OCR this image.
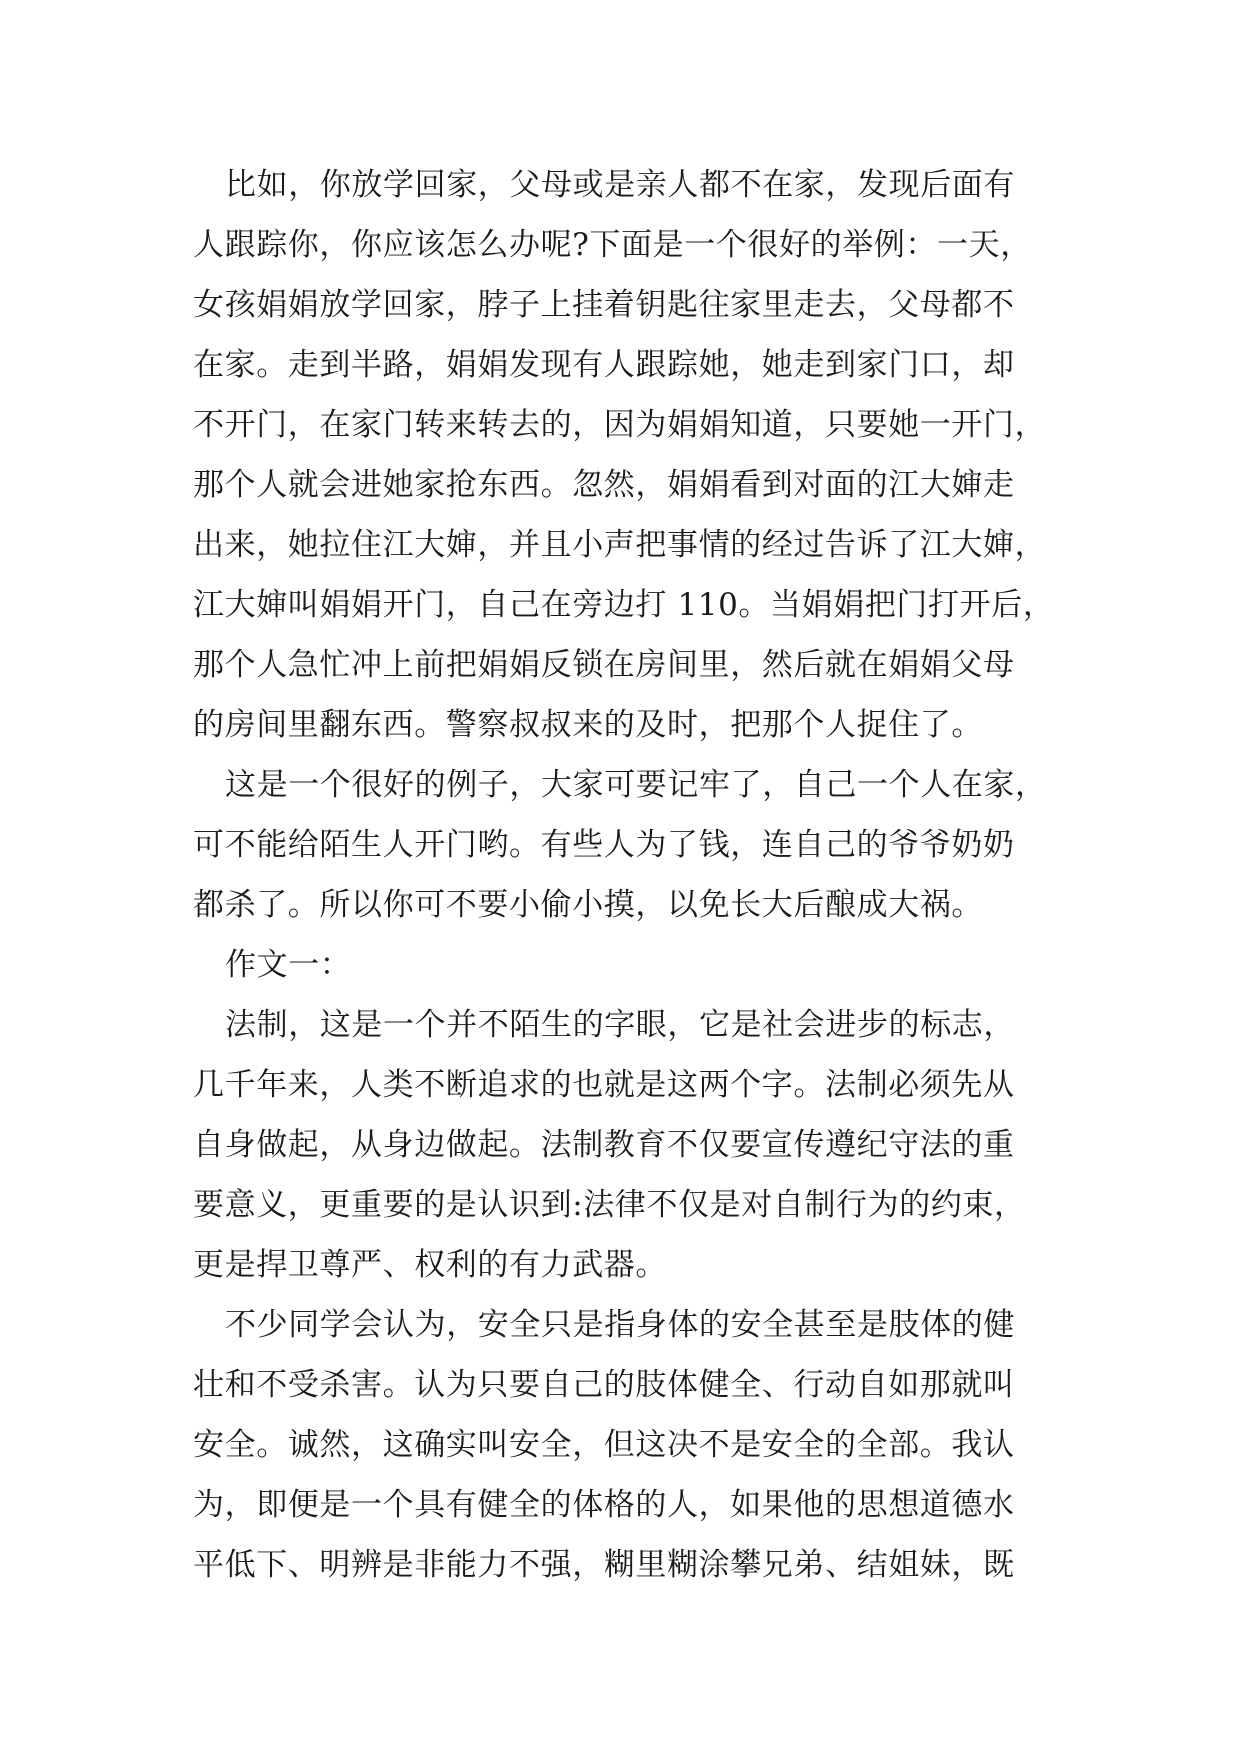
比如，你放学回家，父母或是亲人都不在家，发现后面有
人跟踪你，你应该怎么办呢?下面是一个很好的举例：一天，
女孩娟娟放学回家，脖子上挂着钥匙往家里走去，父母都不
在家。走到半路，娟娟发现有人跟踪她，她走到家门口，却
不开门，在家门转来转去的，因为娟娟知道，只要她一开门，
那个人就会进她家抢东西。忽然，娟娟看到对面的江大婶走
出来，她拉住江大婶，并且小声把事情的经过告诉了江大婶，
江大婶叫娟娟开门，自己在旁边打 110。当娟娟把门打开后，
那个人急忙冲上前把娟娟反锁在房间里，然后就在娟娟父母
的房间里翻东西。警察叔叔来的及时，把那个人捉住了。
这是一个很好的例子，大家可要记牢了，自己一个人在家，
可不能给陌生人开门哟。有些人为了钱，连自己的爷爷奶奶
都杀了。所以你可不要小偷小摸，以免长大后酿成大祸。
作文一：
法制，这是一个并不陌生的字眼，它是社会进步的标志，
几千年来，人类不断追求的也就是这两个字。法制必须先从
自身做起，从身边做起。法制教育不仅要宣传遵纪守法的重
要意义，更重要的是认识到:法律不仅是对自制行为的约束，
更是捍卫尊严、权利的有力武器。
不少同学会认为，安全只是指身体的安全甚至是肢体的健
壮和不受杀害。认为只要自己的肢体健全、行动自如那就叫
安全。诚然，这确实叫安全，但这决不是安全的全部。我认
为，即便是一个具有健全的体格的人，如果他的思想道德水
平低下、明辨是非能力不强，糊里糊涂攀兄弟、结姐妹，既
